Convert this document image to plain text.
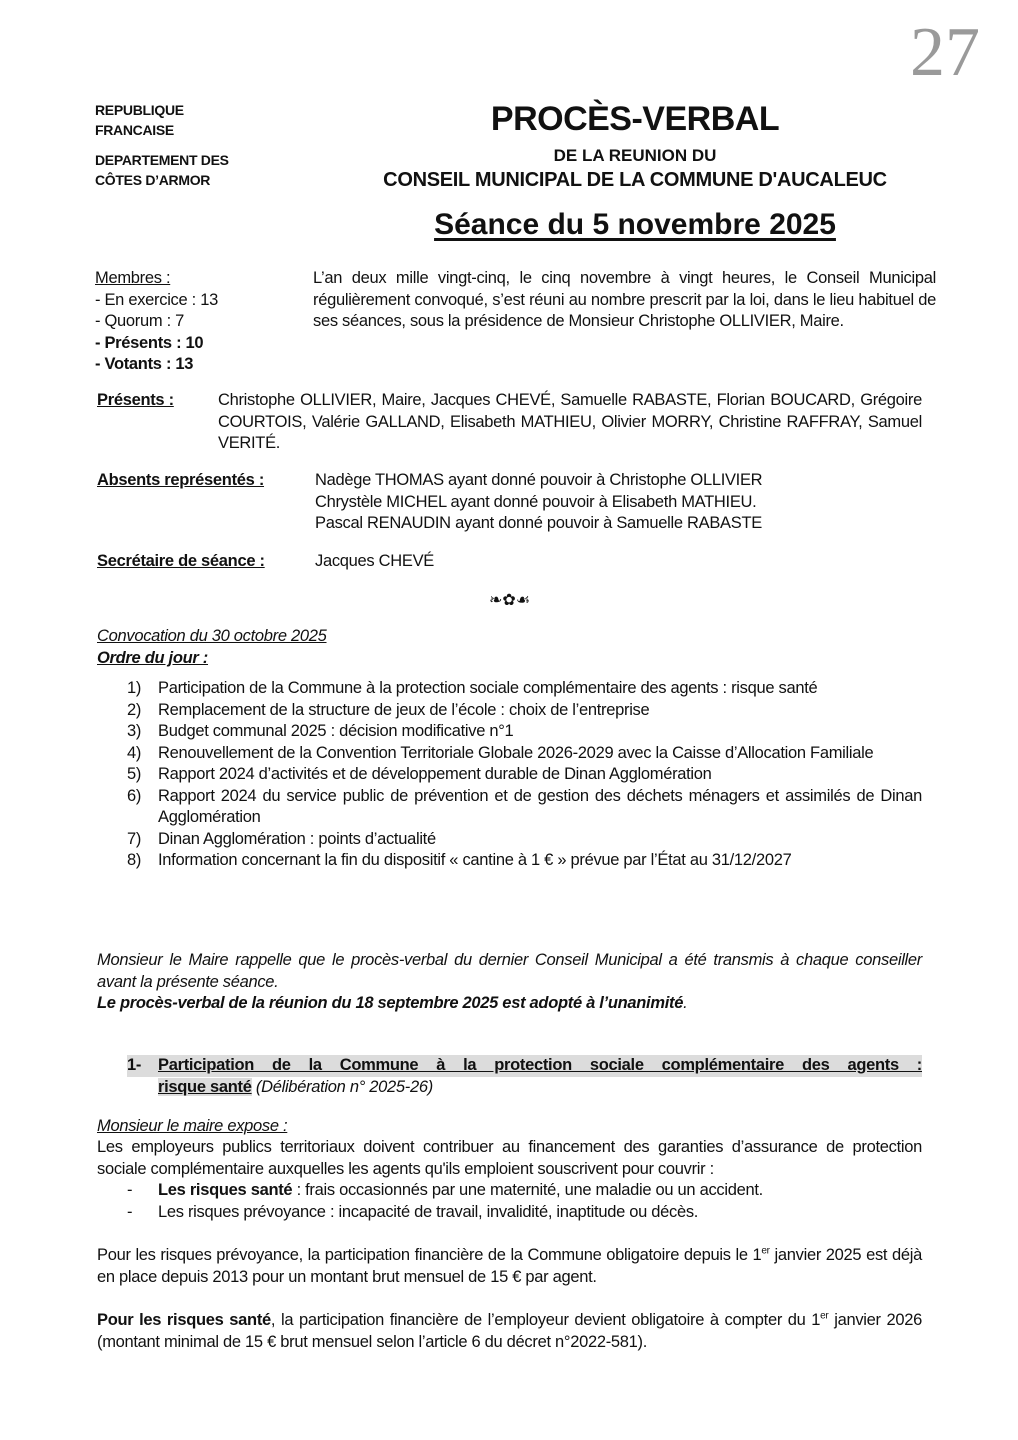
27
REPUBLIQUE
FRANCAISE
DEPARTEMENT DES
CÔTES D’ARMOR
PROCÈS-VERBAL
DE LA REUNION DU
CONSEIL MUNICIPAL DE LA COMMUNE D'AUCALEUC
Séance du 5 novembre 2025
Membres :
- En exercice : 13
- Quorum : 7
- Présents : 10
- Votants : 13
L’an deux mille vingt-cinq, le cinq novembre à vingt heures, le Conseil Municipal régulièrement convoqué, s’est réuni au nombre prescrit par la loi, dans le lieu habituel de ses séances, sous la présidence de Monsieur Christophe OLLIVIER, Maire.
Présents :	Christophe OLLIVIER, Maire, Jacques CHEVÉ, Samuelle RABASTE, Florian BOUCARD, Grégoire COURTOIS, Valérie GALLAND, Elisabeth MATHIEU, Olivier MORRY, Christine RAFFRAY, Samuel VERITÉ.
Absents représentés :	Nadège THOMAS ayant donné pouvoir à Christophe OLLIVIER
Chrystèle MICHEL ayant donné pouvoir à Elisabeth MATHIEU.
Pascal RENAUDIN ayant donné pouvoir à Samuelle RABASTE
Secrétaire de séance :	Jacques CHEVÉ
❧✿☙
Convocation du 30 octobre 2025
Ordre du jour :
1)	Participation de la Commune à la protection sociale complémentaire des agents : risque santé
2)	Remplacement de la structure de jeux de l’école : choix de l’entreprise
3)	Budget communal 2025 : décision modificative n°1
4)	Renouvellement de la Convention Territoriale Globale 2026-2029 avec la Caisse d’Allocation Familiale
5)	Rapport 2024 d’activités et de développement durable de Dinan Agglomération
6)	Rapport 2024 du service public de prévention et de gestion des déchets ménagers et assimilés de Dinan Agglomération
7)	Dinan Agglomération : points d’actualité
8)	Information concernant la fin du dispositif « cantine à 1 € » prévue par l’État au 31/12/2027
Monsieur le Maire rappelle que le procès-verbal du dernier Conseil Municipal a été transmis à chaque conseiller avant la présente séance.
Le procès-verbal de la réunion du 18 septembre 2025 est adopté à l’unanimité.
1-	Participation de la Commune à la protection sociale complémentaire des agents :
risque santé (Délibération n° 2025-26)
Monsieur le maire expose :
Les employeurs publics territoriaux doivent contribuer au financement des garanties d’assurance de protection sociale complémentaire auxquelles les agents qu'ils emploient souscrivent pour couvrir :
-	Les risques santé : frais occasionnés par une maternité, une maladie ou un accident.
-	Les risques prévoyance : incapacité de travail, invalidité, inaptitude ou décès.
Pour les risques prévoyance, la participation financière de la Commune obligatoire depuis le 1er janvier 2025 est déjà en place depuis 2013 pour un montant brut mensuel de 15 € par agent.
Pour les risques santé, la participation financière de l’employeur devient obligatoire à compter du 1er janvier 2026 (montant minimal de 15 € brut mensuel selon l’article 6 du décret n°2022-581).
